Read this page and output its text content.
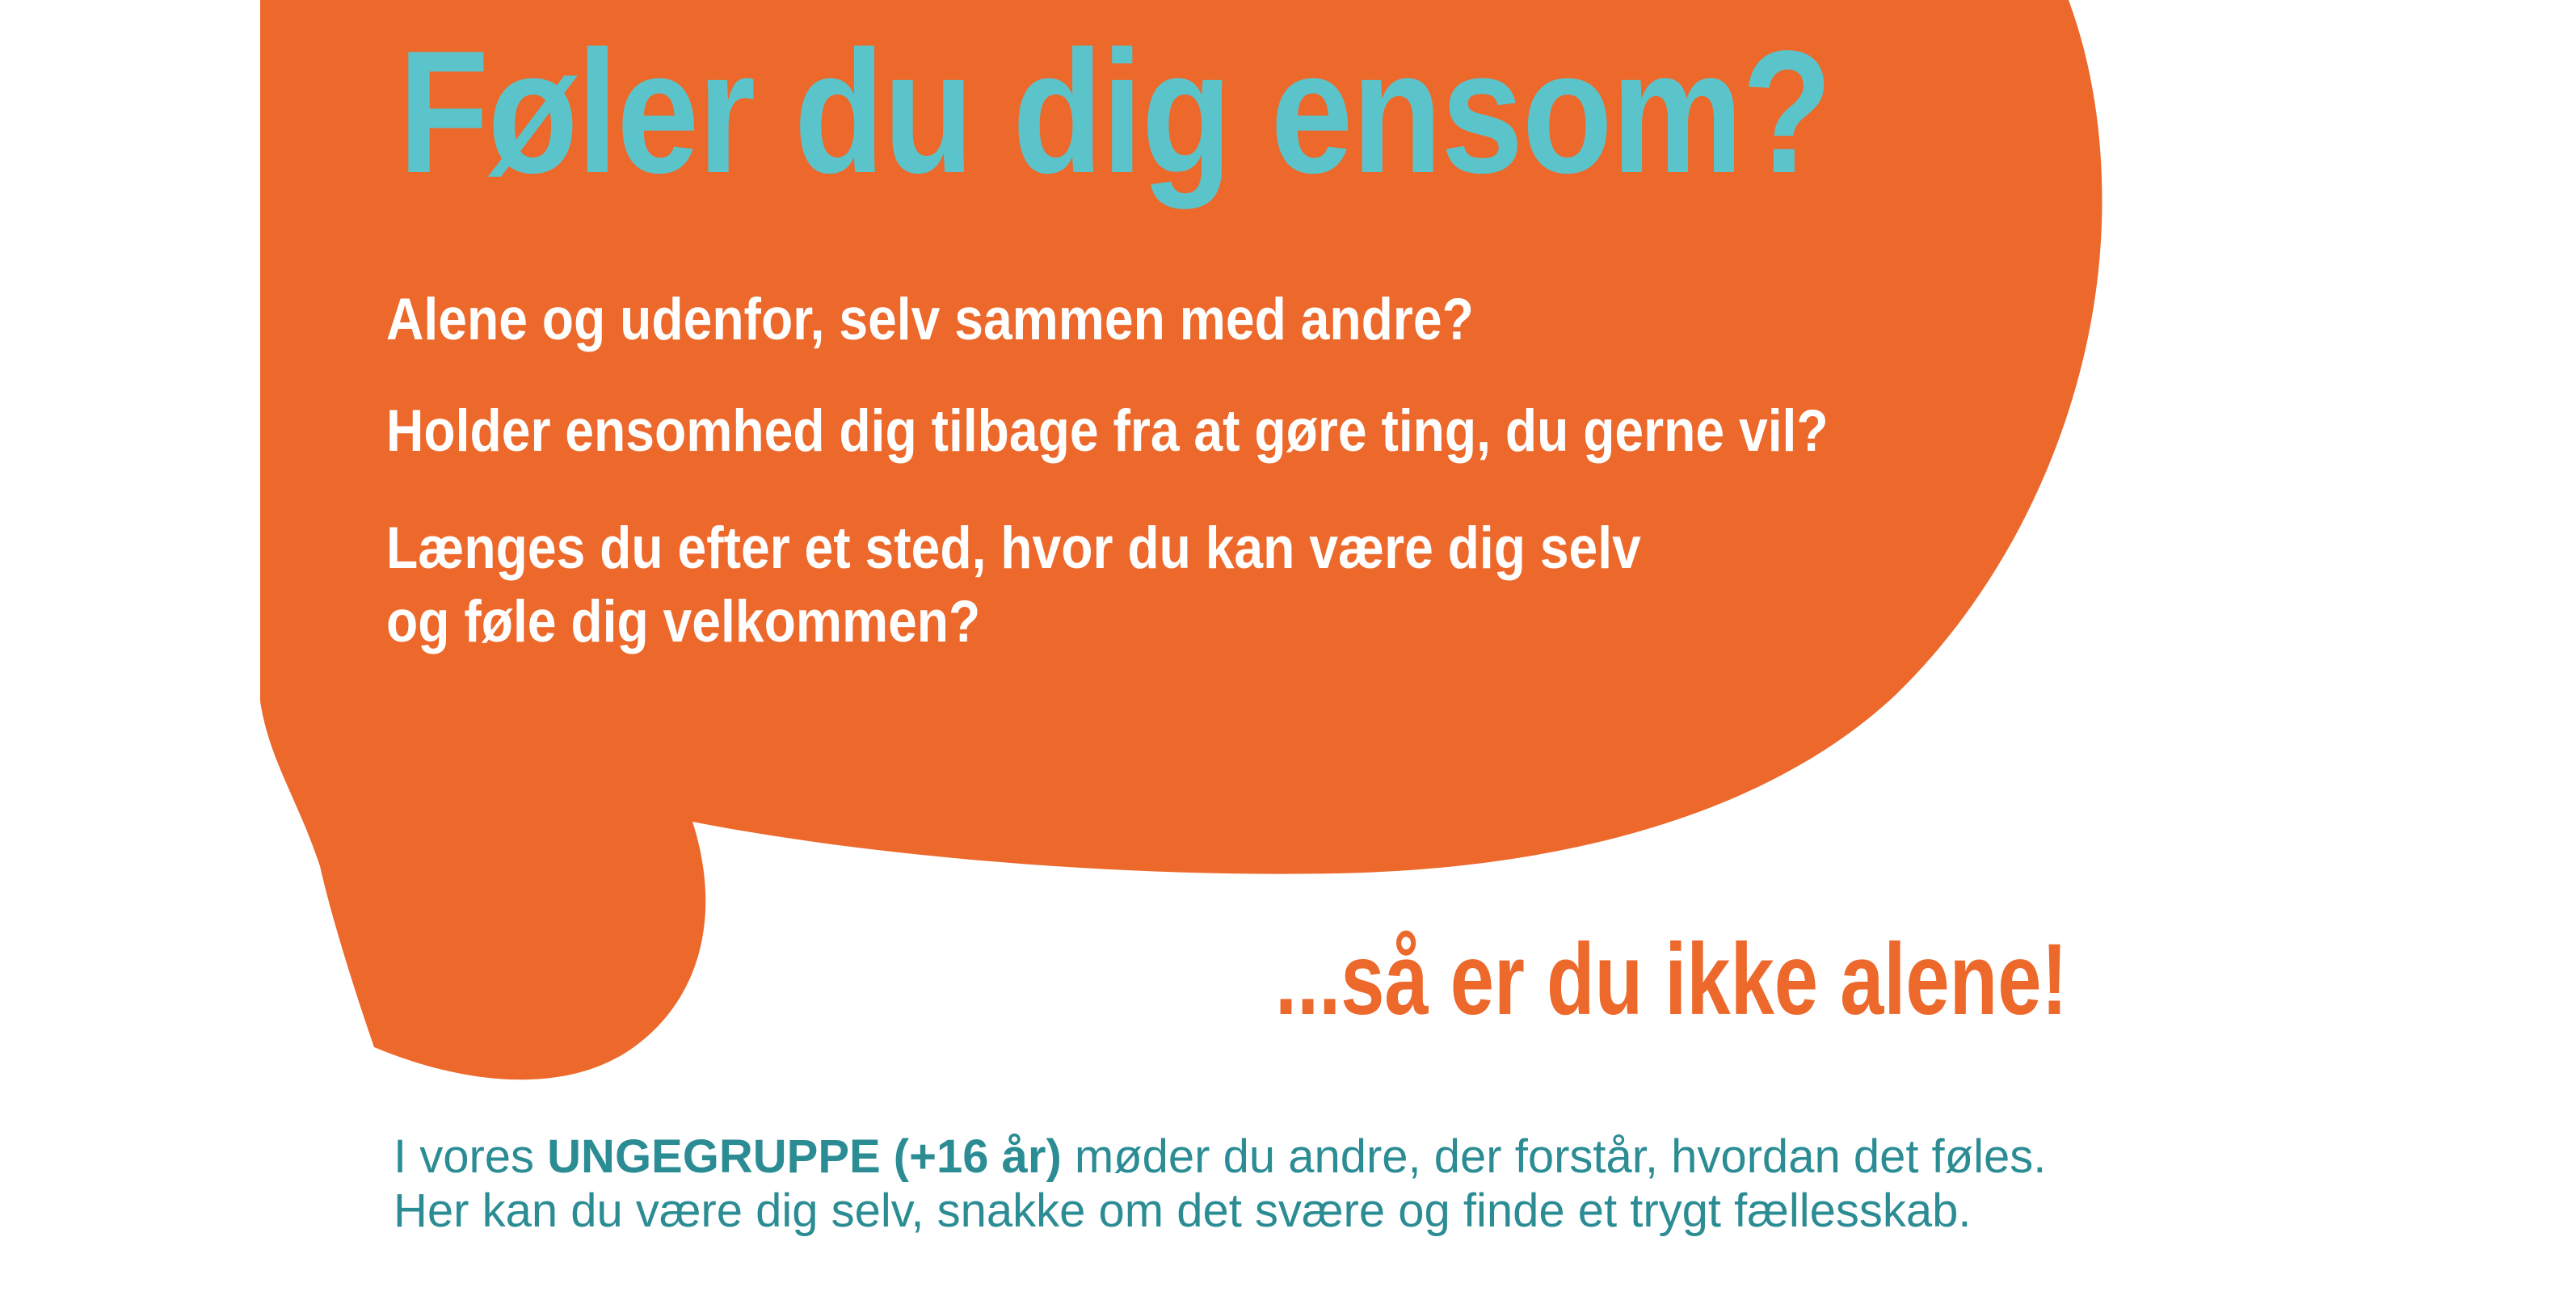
Føler du dig ensom?
Alene og udenfor, selv sammen med andre?
Holder ensomhed dig tilbage fra at gøre ting, du gerne vil?
Længes du efter et sted, hvor du kan være dig selv
og føle dig velkommen?
...så er du ikke alene!
I vores UNGEGRUPPE (+16 år) møder du andre, der forstår, hvordan det føles.
Her kan du være dig selv, snakke om det svære og finde et trygt fællesskab.
